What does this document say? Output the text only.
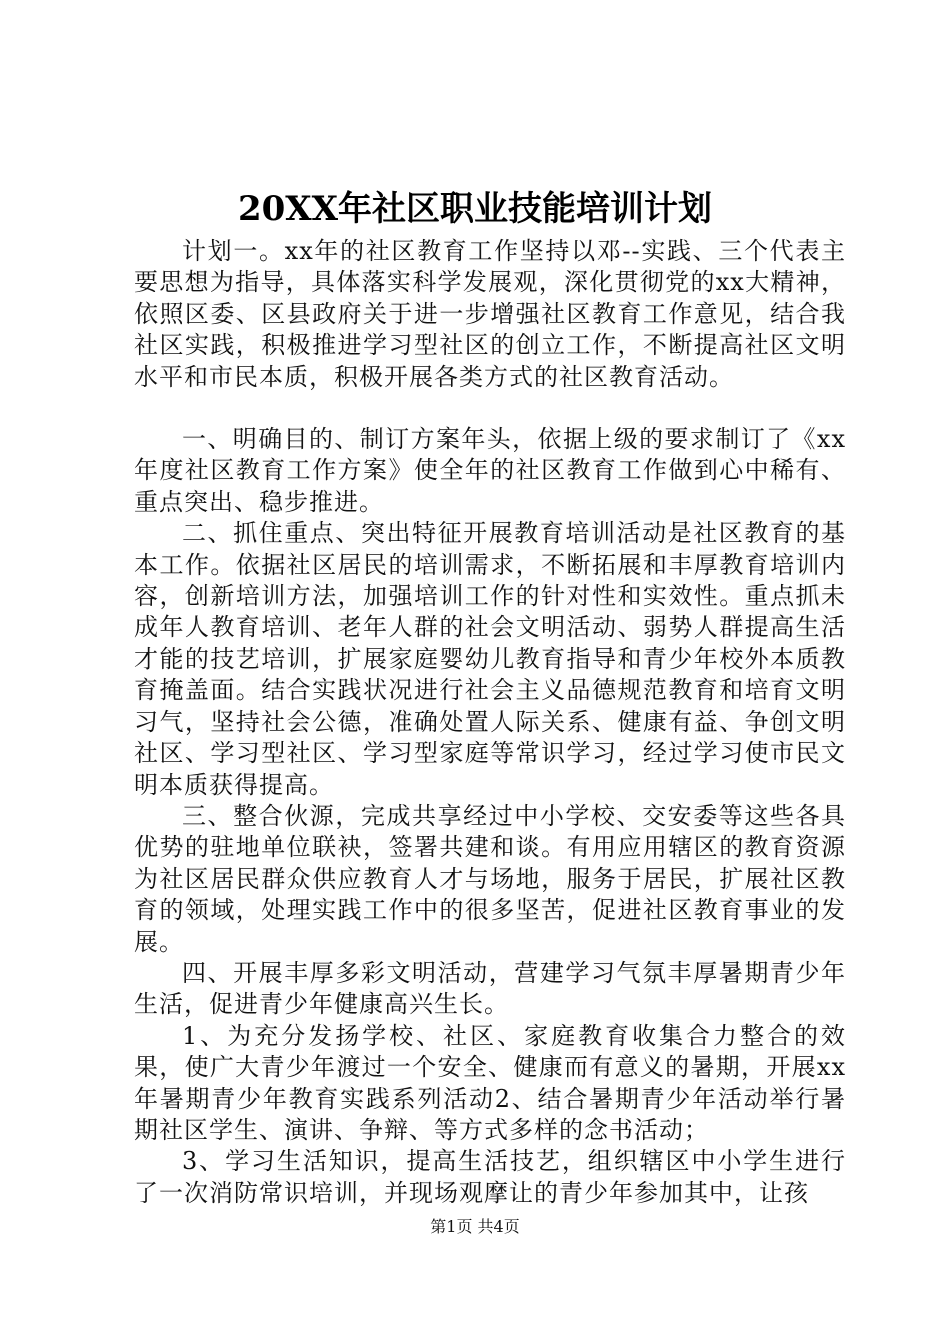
20XX年社区职业技能培训计划

计划一。xx年的社区教育工作坚持以邓--实践、三个代表主要思想为指导，具体落实科学发展观，深化贯彻党的xx大精神，依照区委、区县政府关于进一步增强社区教育工作意见，结合我社区实践，积极推进学习型社区的创立工作，不断提高社区文明水平和市民本质，积极开展各类方式的社区教育活动。

一、明确目的、制订方案年头，依据上级的要求制订了《xx年度社区教育工作方案》使全年的社区教育工作做到心中稀有、重点突出、稳步推进。

二、抓住重点、突出特征开展教育培训活动是社区教育的基本工作。依据社区居民的培训需求，不断拓展和丰厚教育培训内容，创新培训方法，加强培训工作的针对性和实效性。重点抓未成年人教育培训、老年人群的社会文明活动、弱势人群提高生活才能的技艺培训，扩展家庭婴幼儿教育指导和青少年校外本质教育掩盖面。结合实践状况进行社会主义品德规范教育和培育文明习气，坚持社会公德，准确处置人际关系、健康有益、争创文明社区、学习型社区、学习型家庭等常识学习，经过学习使市民文明本质获得提高。

三、整合伙源，完成共享经过中小学校、交安委等这些各具优势的驻地单位联袂，签署共建和谈。有用应用辖区的教育资源为社区居民群众供应教育人才与场地，服务于居民，扩展社区教育的领域，处理实践工作中的很多坚苦，促进社区教育事业的发展。

四、开展丰厚多彩文明活动，营建学习气氛丰厚暑期青少年生活，促进青少年健康高兴生长。

1、为充分发扬学校、社区、家庭教育收集合力整合的效果，使广大青少年渡过一个安全、健康而有意义的暑期，开展xx年暑期青少年教育实践系列活动2、结合暑期青少年活动举行暑期社区学生、演讲、争辩、等方式多样的念书活动；

3、学习生活知识，提高生活技艺，组织辖区中小学生进行了一次消防常识培训，并现场观摩让的青少年参加其中，让孩

第1页 共4页
